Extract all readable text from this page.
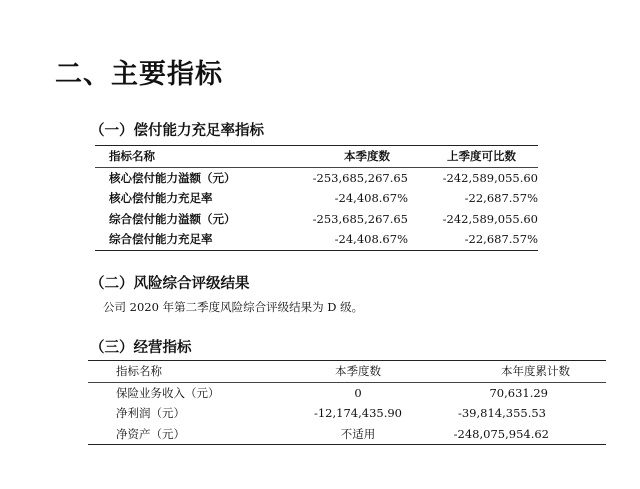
二、主要指标
（一）偿付能力充足率指标
指标名称	本季度数	上季度可比数
核心偿付能力溢额（元）	-253,685,267.65	-242,589,055.60
核心偿付能力充足率	-24,408.67%	-22,687.57%
综合偿付能力溢额（元）	-253,685,267.65	-242,589,055.60
综合偿付能力充足率	-24,408.67%	-22,687.57%
（二）风险综合评级结果
公司 2020 年第二季度风险综合评级结果为 D 级。
（三）经营指标
指标名称	本季度数	本年度累计数
保险业务收入（元）	0	70,631.29
净利润（元）	-12,174,435.90	-39,814,355.53
净资产（元）	不适用	-248,075,954.62
